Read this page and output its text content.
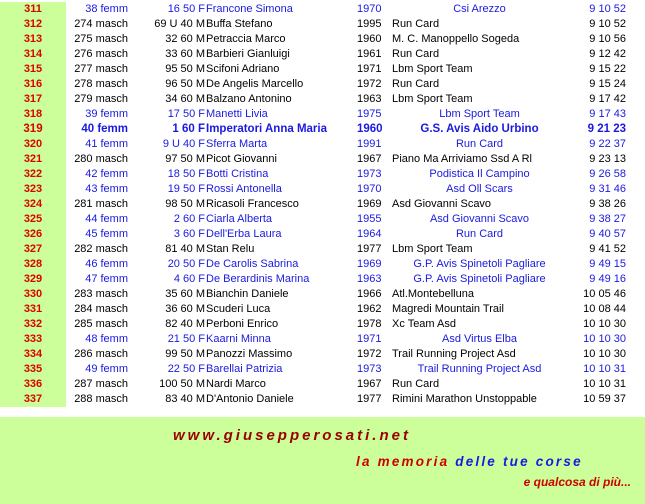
311	38 femm	16 50 F Francone Simona	1970	Csi Arezzo	9 10 52
312	274 masch	69 U 40 M Buffa Stefano	1995 Run Card	9 10 52
313	275 masch	32 60 M Petraccia Marco	1960 M. C. Manoppello Sogeda	9 10 56
314	276 masch	33 60 M Barbieri Gianluigi	1961 Run Card	9 12 42
315	277 masch	95 50 M Scifoni Adriano	1971 Lbm Sport Team	9 15 22
316	278 masch	96 50 M De Angelis Marcello	1972 Run Card	9 15 24
317	279 masch	34 60 M Balzano Antonino	1963 Lbm Sport Team	9 17 42
318	39 femm	17 50 F Manetti Livia	1975	Lbm Sport Team	9 17 43
319	40 femm	1 60 F Imperatori Anna Maria	1960	G.S. Avis Aido Urbino	9 21 23
320	41 femm	9 U 40 F Sferra Marta	1991	Run Card	9 22 37
321	280 masch	97 50 M Picot Giovanni	1967 Piano Ma Arriviamo Ssd A Rl	9 23 13
322	42 femm	18 50 F Botti Cristina	1973	Podistica Il Campino	9 26 58
323	43 femm	19 50 F Rossi Antonella	1970	Asd Oll Scars	9 31 46
324	281 masch	98 50 M Ricasoli Francesco	1969 Asd Giovanni Scavo	9 38 26
325	44 femm	2 60 F Ciarla Alberta	1955	Asd Giovanni Scavo	9 38 27
326	45 femm	3 60 F Dell'Erba Laura	1964	Run Card	9 40 57
327	282 masch	81 40 M Stan Relu	1977 Lbm Sport Team	9 41 52
328	46 femm	20 50 F De Carolis Sabrina	1969	G.P. Avis Spinetoli Pagliare	9 49 15
329	47 femm	4 60 F De Berardinis Marina	1963	G.P. Avis Spinetoli Pagliare	9 49 16
330	283 masch	35 60 M Bianchin Daniele	1966 Atl.Montebelluna	10 05 46
331	284 masch	36 60 M Scuderi Luca	1962 Magredi Mountain Trail	10 08 44
332	285 masch	82 40 M Perboni Enrico	1978 Xc Team Asd	10 10 30
333	48 femm	21 50 F Kaarni Minna	1971	Asd Virtus Elba	10 10 30
334	286 masch	99 50 M Panozzi Massimo	1972 Trail Running Project Asd	10 10 30
335	49 femm	22 50 F Barellai Patrizia	1973	Trail Running Project Asd	10 10 31
336	287 masch	100 50 M Nardi Marco	1967 Run Card	10 10 31
337	288 masch	83 40 M D'Antonio Daniele	1977 Rimini Marathon Unstoppable	10 59 37
www.giusepperosati.net
la memoria delle tue corse
e qualcosa di più...
